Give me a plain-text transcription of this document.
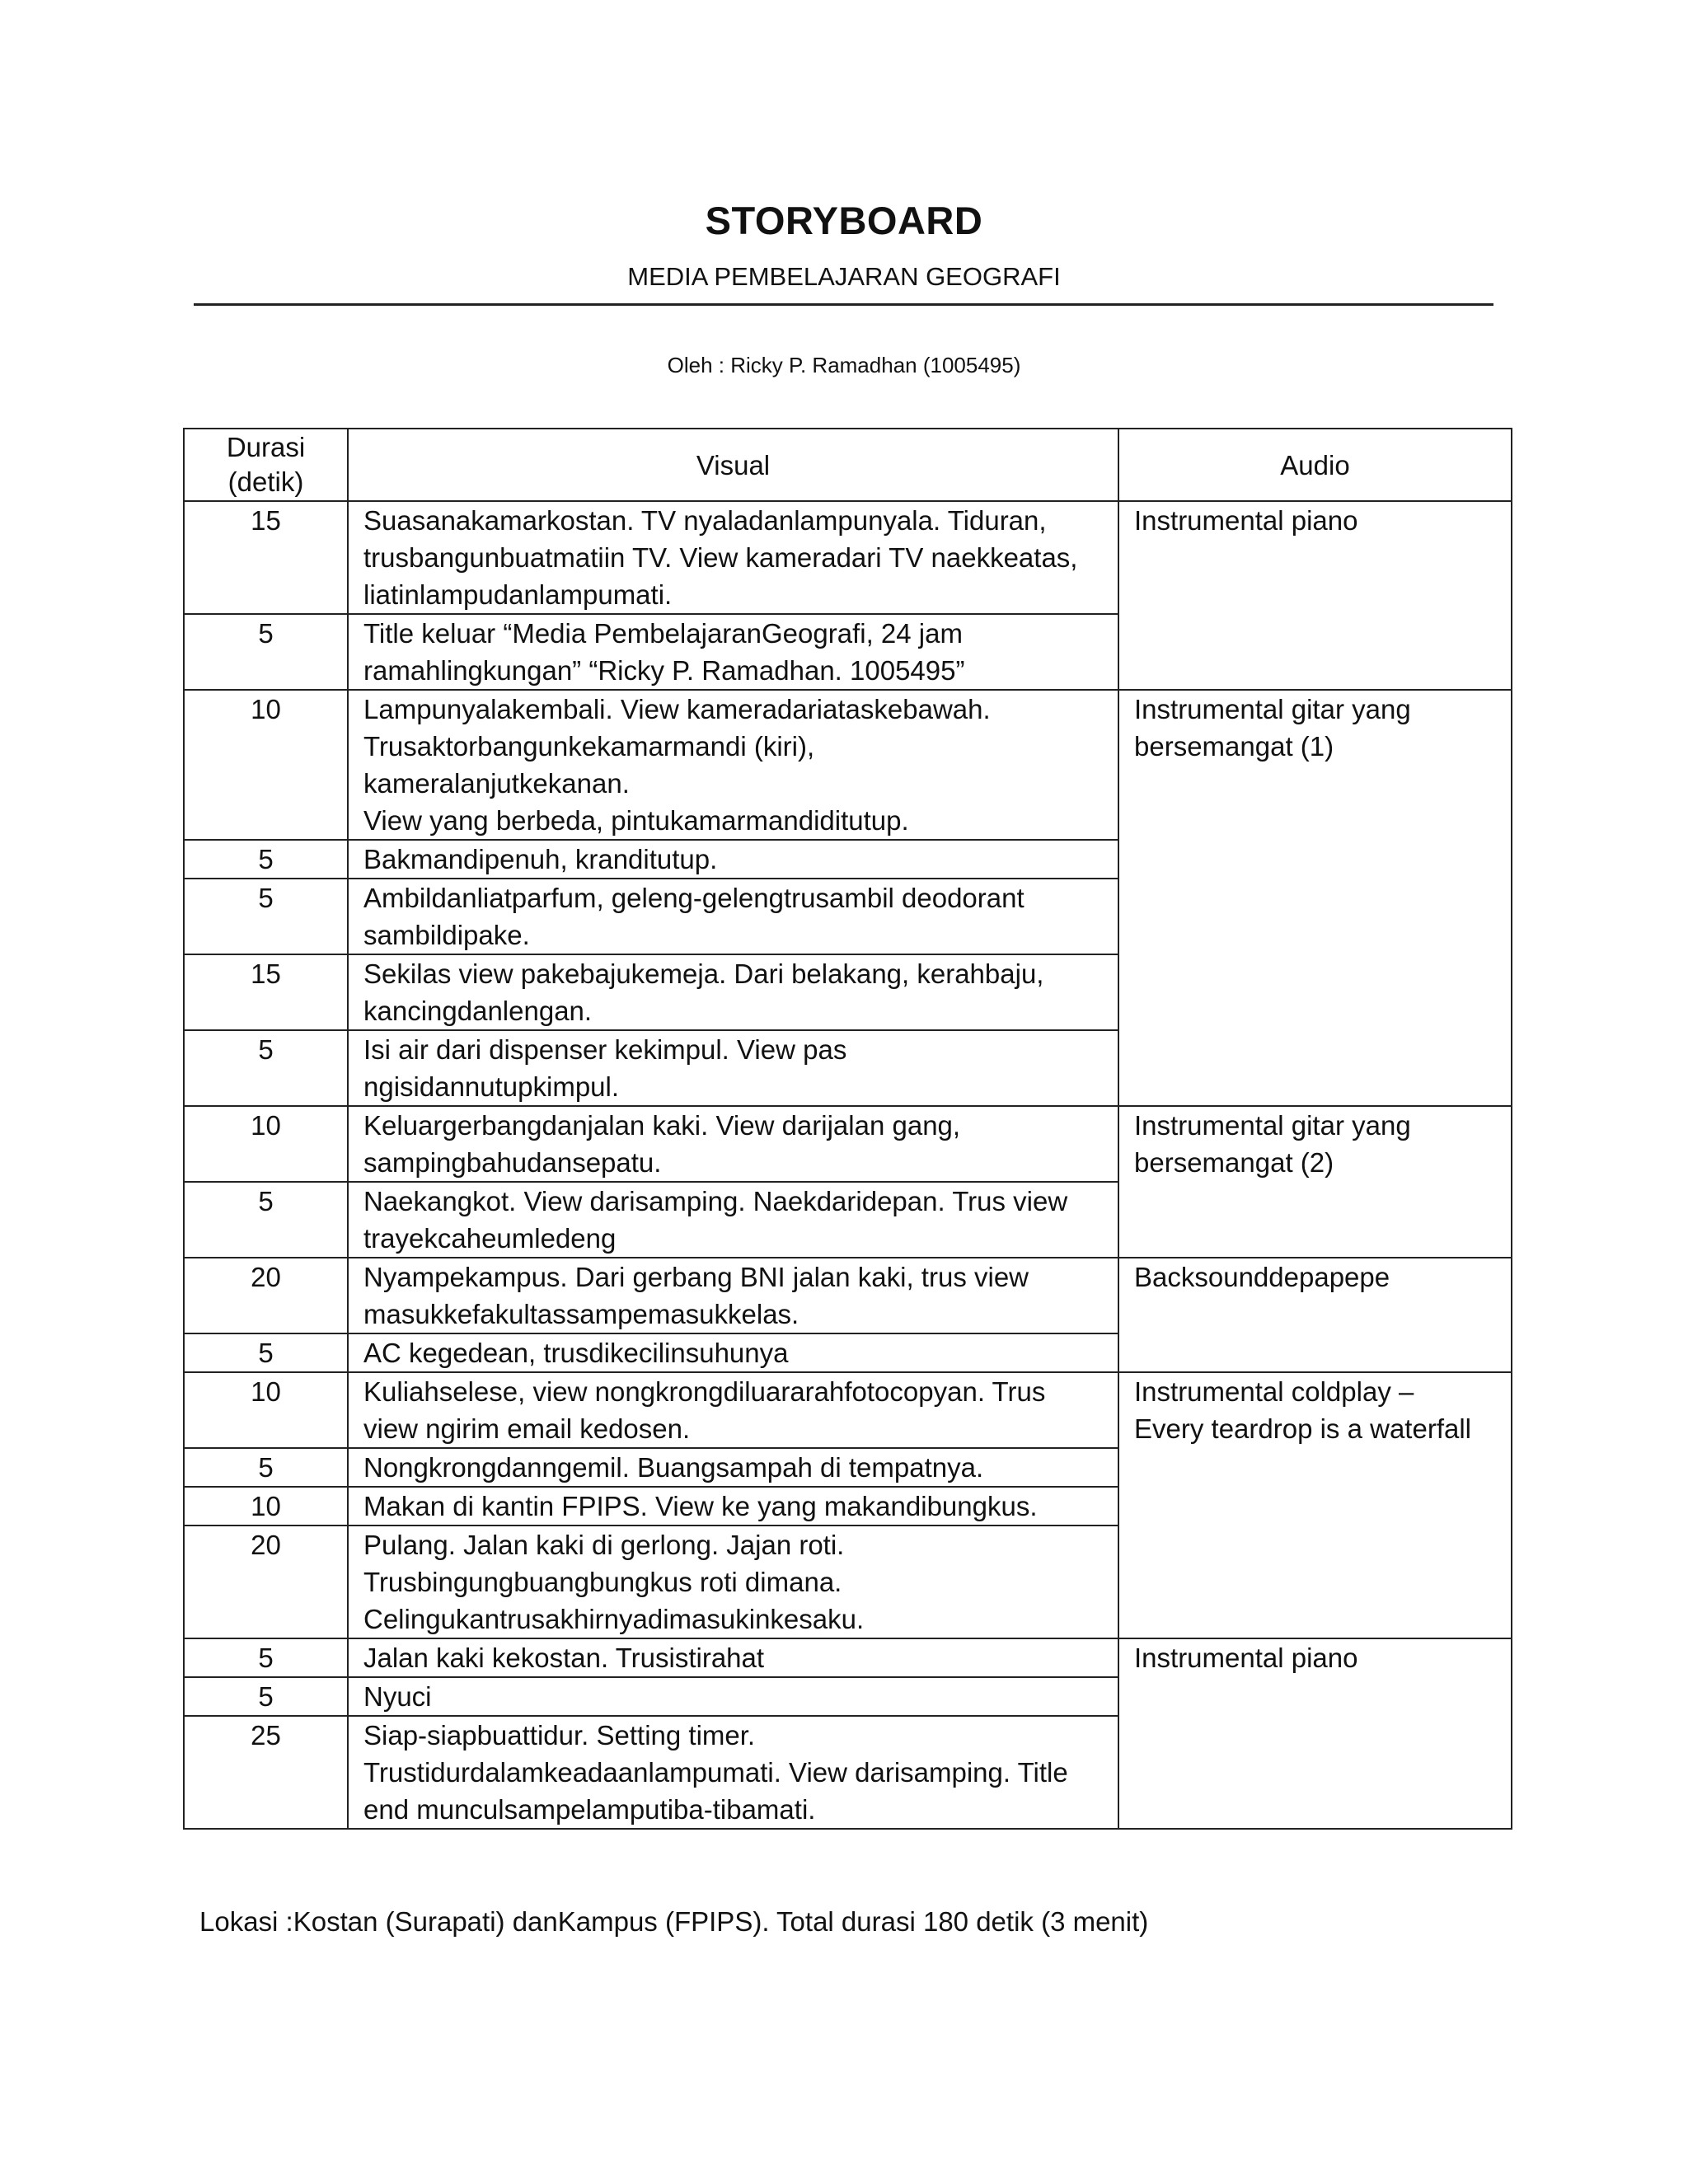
STORYBOARD
MEDIA PEMBELAJARAN GEOGRAFI
Oleh : Ricky P. Ramadhan (1005495)
Durasi
(detik)	Visual	Audio
15	Suasanakamarkostan. TV nyaladanlampunyala. Tiduran,
trusbangunbuatmatiin TV. View kameradari TV naekkeatas,
liatinlampudanlampumati.	Instrumental piano
5	Title keluar “Media PembelajaranGeografi, 24 jam
ramahlingkungan” “Ricky P. Ramadhan. 1005495”	
10	Lampunyalakembali. View kameradariataskebawah.
Trusaktorbangunkekamarmandi (kiri),
kameralanjutkekanan.
View yang berbeda, pintukamarmandiditutup.	Instrumental gitar yang
bersemangat (1)
5	Bakmandipenuh, kranditutup.	
5	Ambildanliatparfum, geleng-gelengtrusambil deodorant
sambildipake.	
15	Sekilas view pakebajukemeja. Dari belakang, kerahbaju,
kancingdanlengan.	
5	Isi air dari dispenser kekimpul. View pas
ngisidannutupkimpul.	
10	Keluargerbangdanjalan kaki. View darijalan gang,
sampingbahudansepatu.	Instrumental gitar yang
bersemangat (2)
5	Naekangkot. View darisamping. Naekdaridepan. Trus view
trayekcaheumledeng	
20	Nyampekampus. Dari gerbang BNI jalan kaki, trus view
masukkefakultassampemasukkelas.	Backsounddepapepe
5	AC kegedean, trusdikecilinsuhunya	
10	Kuliahselese, view nongkrongdiluararahfotocopyan. Trus
view ngirim email kedosen.	Instrumental coldplay –
Every teardrop is a waterfall
5	Nongkrongdanngemil. Buangsampah di tempatnya.	
10	Makan di kantin FPIPS. View ke yang makandibungkus.	
20	Pulang. Jalan kaki di gerlong. Jajan roti.
Trusbingungbuangbungkus roti dimana.
Celingukantrusakhirnyadimasukinkesaku.	
5	Jalan kaki kekostan. Trusistirahat	Instrumental piano
5	Nyuci	
25	Siap-siapbuattidur. Setting timer.
Trustidurdalamkeadaanlampumati. View darisamping. Title
end munculsampelamputiba-tibamati.	
Lokasi :Kostan (Surapati) danKampus (FPIPS). Total durasi 180 detik (3 menit)
